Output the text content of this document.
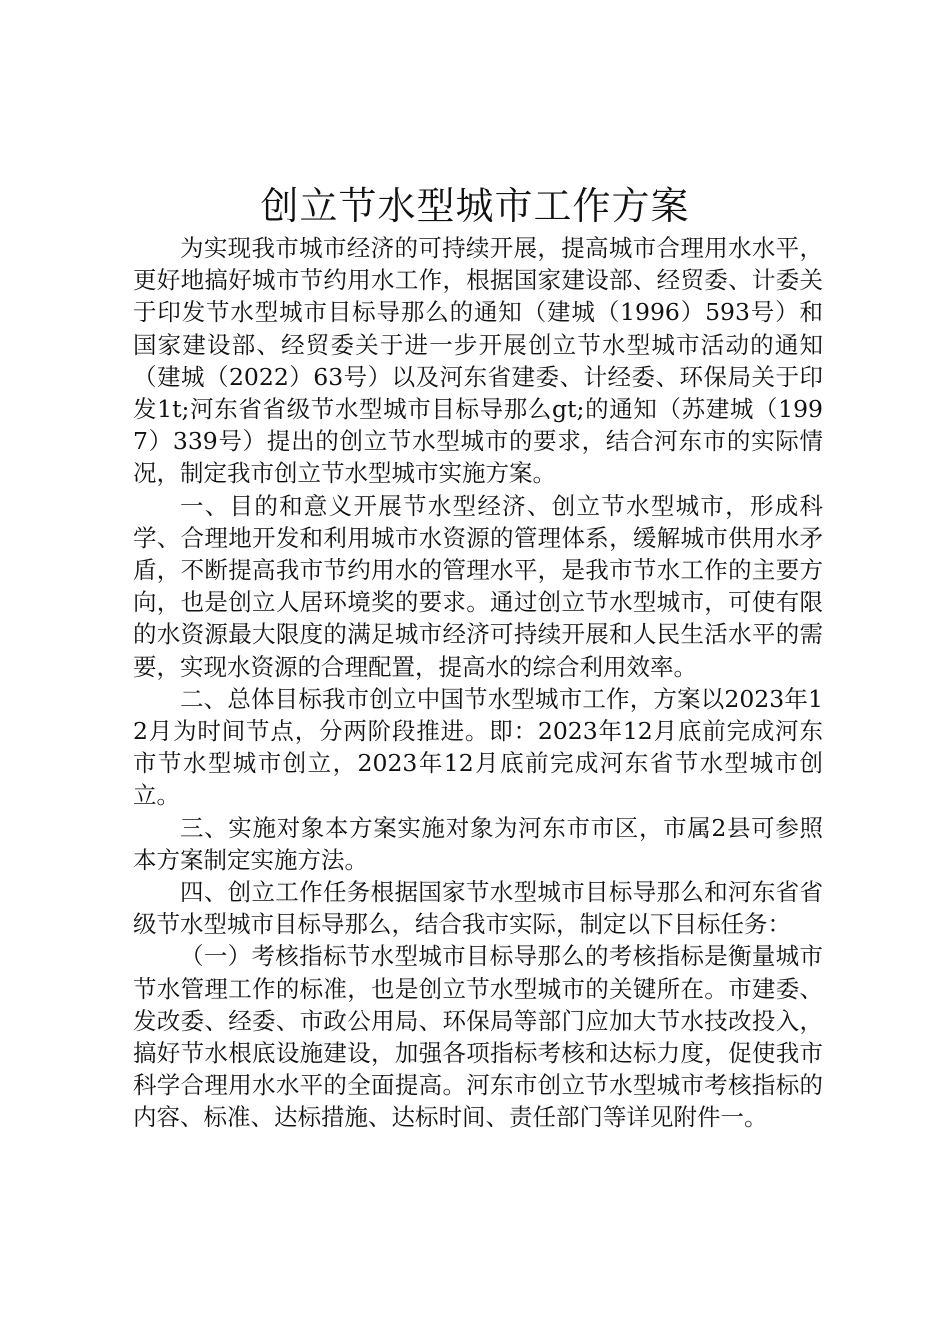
创立节水型城市工作方案

为实现我市城市经济的可持续开展，提高城市合理用水水平，更好地搞好城市节约用水工作，根据国家建设部、经贸委、计委关于印发节水型城市目标导那么的通知（建城（1996）593号）和国家建设部、经贸委关于进一步开展创立节水型城市活动的通知（建城（2022）63号）以及河东省建委、计经委、环保局关于印发1t;河东省省级节水型城市目标导那么gt;的通知（苏建城（1997）339号）提出的创立节水型城市的要求，结合河东市的实际情况，制定我市创立节水型城市实施方案。

一、目的和意义开展节水型经济、创立节水型城市，形成科学、合理地开发和利用城市水资源的管理体系，缓解城市供用水矛盾，不断提高我市节约用水的管理水平，是我市节水工作的主要方向，也是创立人居环境奖的要求。通过创立节水型城市，可使有限的水资源最大限度的满足城市经济可持续开展和人民生活水平的需要，实现水资源的合理配置，提高水的综合利用效率。

二、总体目标我市创立中国节水型城市工作，方案以2023年12月为时间节点，分两阶段推进。即：2023年12月底前完成河东市节水型城市创立，2023年12月底前完成河东省节水型城市创立。

三、实施对象本方案实施对象为河东市市区，市属2县可参照本方案制定实施方法。

四、创立工作任务根据国家节水型城市目标导那么和河东省省级节水型城市目标导那么，结合我市实际，制定以下目标任务：

（一）考核指标节水型城市目标导那么的考核指标是衡量城市节水管理工作的标准，也是创立节水型城市的关键所在。市建委、发改委、经委、市政公用局、环保局等部门应加大节水技改投入，搞好节水根底设施建设，加强各项指标考核和达标力度，促使我市科学合理用水水平的全面提高。河东市创立节水型城市考核指标的内容、标准、达标措施、达标时间、责任部门等详见附件一。
